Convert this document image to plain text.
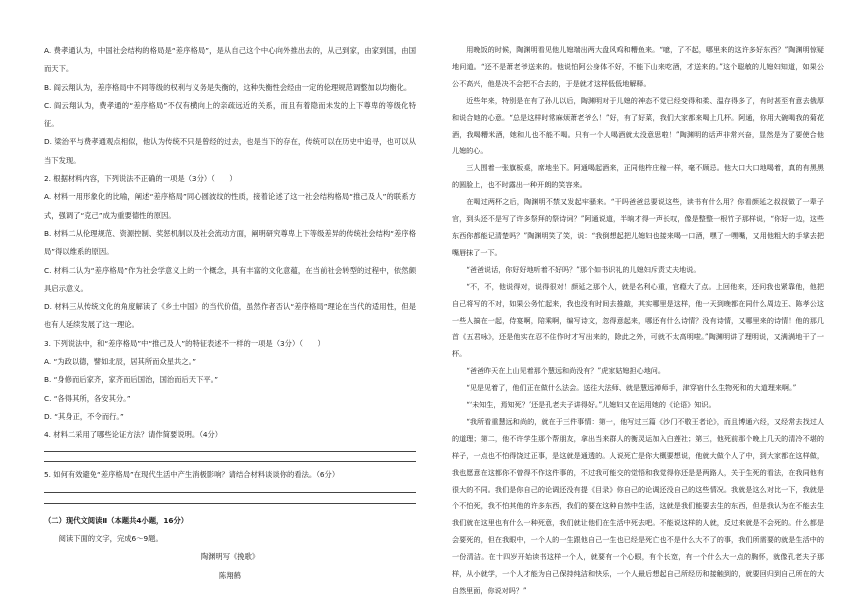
A. 费孝通认为，中国社会结构的格局是“差序格局”，是从自己这个中心向外推出去的，从己到家，由家到国，由国而天下。

B. 阎云翔认为，差序格局中不同等级的权利与义务是失衡的，这种失衡性会经由一定的伦理规范调整加以均衡化。

C. 阎云翔认为，费孝通的“差序格局”不仅有横向上的亲疏远近的关系，而且有着隐而未发的上下尊卑的等级化特征。

D. 梁治平与费孝通观点相似，他认为传统不只是曾经的过去，也是当下的存在，传统可以在历史中追寻，也可以从当下发现。

2. 根据材料内容，下列说法不正确的一项是（3分）（　　）

A. 材料一用形象化的比喻，阐述“差序格局”同心圆波纹的性质，接着论述了这一社会结构格局“推己及人”的联系方式，强调了“克己”成为重要德性的原因。

B. 材料二从伦理规范、资源控制、奖惩机制以及社会流动方面，阐明研究尊卑上下等级差异的传统社会结构“差序格局”得以维系的原因。

C. 材料二认为“差序格局”作为社会学意义上的一个概念，具有丰富的文化意蕴，在当前社会转型的过程中，依然颇具启示意义。

D. 材料三从传统文化的角度解读了《乡土中国》的当代价值，虽然作者否认“差序格局”理论在当代的适用性，但是也有人延续发展了这一理论。

3. 下列说法中，和“差序格局”中“推己及人”的特征表述不一样的一项是（3分）（　　）

A. “为政以德，譬如北辰，居其所而众星共之。”

B. “身修而后家齐，家齐而后国治，国治而后天下平。”

C. “各得其所，各安其分。”

D. “其身正，不令而行。”

4. 材料二采用了哪些论证方法？请作简要说明。（4分）

5. 如何有效避免“差序格局”在现代生活中产生消极影响？请结合材料谈谈你的看法。（6分）

（二）现代文阅读Ⅱ（本题共4小题，16分）

阅读下面的文字，完成6～9题。

陶渊明写《挽歌》

陈翔鹤

用晚饭的时候，陶渊明看见他儿媳端出两大盘风鸡和糟鱼来。“噫，了不起，哪里来的这许多好东西？”陶渊明惊疑地问道。“还不是萧老爷送来的。他说怕阿公身体不好，不能下山来吃酒，才送来的。”这个聪敏的儿媳妇知道，如果公公不高兴，他是决不会把不合去的，于是就才这样低低地解释。

近些年来，特别是在有了孙儿以后，陶渊明对于儿媳的神态不觉已经变得和柔、温存得多了，有时甚至有意去俄厚和说合她的心意。“总是这样时常麻烦萧老爷么！”好，有了好菜，我们大家都来喝上几杯。阿通，你用大碗喝我的菊花酒，我喝糟米酒，她和儿也不能不喝。只有一个人喝酒就太没意思啦！”陶渊明的话声非常兴奋，显然是为了要使合他儿媳的心。

三人围着一张旗板桌，席地坐下。阿通喝起酒来，正同他杵庄稼一样，毫不顾忌。他大口大口地喝着，真的有黑黑的圆脸上，也不时露出一种开朗的笑容来。

在喝过两杯之后，陶渊明不禁又发起牢骚来。“干吗爸爸总要说这些，读书有什么用？你看颜延之叔叔做了一辈子官，到头还不是写了许多祭拜的祭诗词？”阿通说道，半晌才得一声长叹，像是整整一根竹子那样说，“你好一边，这些东西你都能记清楚吗？”陶渊明笑了笑，说：“我倒想起把儿媳妇也接来喝一口酒，嘿了一嘿嘴，又用他粗大的手掌去把嘴唇抹了一下。

“爸爸说话，你好好地听着不好吗？”那个如书识礼的儿媳妇斥责丈夫地说。

“不，不，他说得对，说得很对！颜延之那个人，就是名利心重，官瘾大了点。上回他来，还问我也紧靠他，他把自己将写的不对，如果公务忙起来，我也没有时间去推敲，其实哪里是这样，他一天到晚都在同什么周边王、陈孝公这一些人搞在一起，侍宴啊，陪乘啊，编写诗文，忽得意起来，哪还有什么诗情？没有诗情，又哪里来的诗情！他的那几首《五君咏》，还是他实在忍不住作时才写出来的，除此之外，可就不太高明啦。”陶渊明讲了理明说，又满满地干了一杯。

“爸爸昨天在上山见着那个慧远和尚没有？”虎家姑媳担心地问。

“见是见着了，他们正在做什么法会。送往大法师、就是慧远禅师手，津穿宿什么生物死和的大道理来啊。”

“‘未知生，焉知死？’还是孔老夫子讲得好。”儿媳妇又在运用她的《论语》知识。

“我所看重慧远和尚的，就在于三件事情：第一，他写过三篇《沙门不敬王者论》，而且博通六经，又经常去找过人的道理；第二，他不许学生那个帮朋友，拿出当来群人的衡灵运加入白莲社；第三，他死前那个晚上几天的清冷不堪的样子，一点也不怕得饶过正事，是这就是通透的。人说死亡是你大概要想说，他就大做个人了中，到大家都在这样做，我也愿意在这都你不曾得不作这件事的，不过我可能交的觉悟和我觉得你还是是两路人，关于生死的看法，在我同他有很大的不同。我们是你自己的论调还没有提《目录》你自己的论调还没自己的这些情况。我就是这么对比一下，我就是个不怕死，我不怕其他的许多东西，我们的要在这种自然中生活，这就是我们能要去生的东西，但是我认为在不能去生我们就在这里也有什么一种死意，我们就让他们在生活中死去吧。不能说这样的人就，反过来就是不会死的。什么都是会要死的，但在我眼中，一个人的一生跟他自己一生也已经是死亡也不是什么大不了的事，我们所需要的就是生活中的一份清洁。在十四岁开始读书这样一个人，就要有一个心眼，有个长宽，有一个什么大一点的胸怀，就像孔老夫子那样，从小就学，一个人才能为自己保持纯洁和快乐，一个人最后想起自己所经历和接触到的，就要回归到自己所在的大自然里面，你说对吗？”
